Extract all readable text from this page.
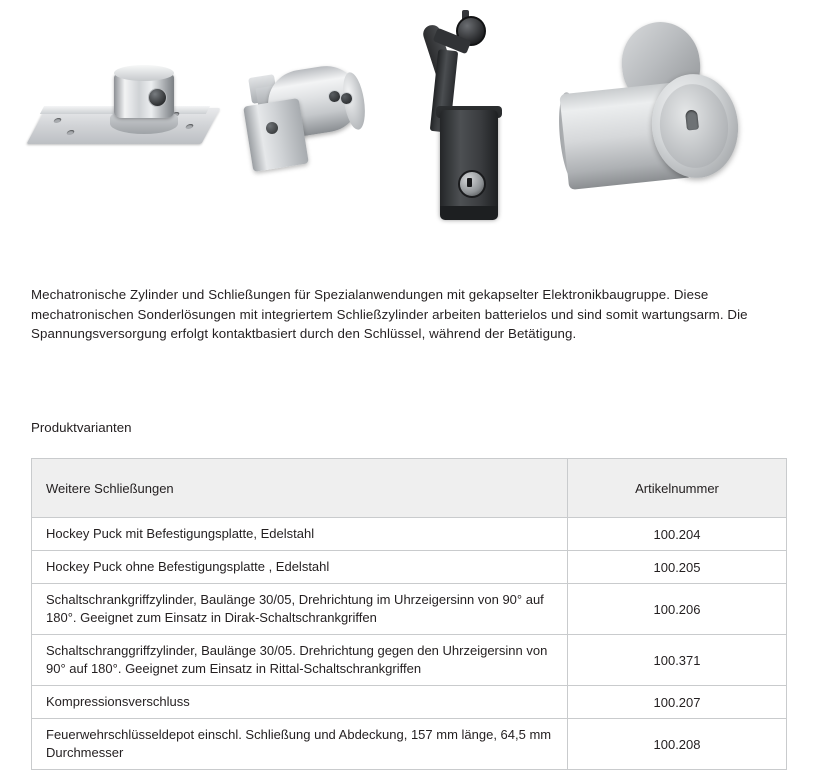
Mechatronische Zylinder und Schließungen für Spezialanwendungen mit gekapselter Elektronikbaugruppe. Diese mechatronischen Sonderlösungen mit integriertem Schließzylinder arbeiten batterielos und sind somit wartungsarm. Die Spannungsversorgung erfolgt kontaktbasiert durch den Schlüssel, während der Betätigung.

Produktvarianten
Weitere Schließungen	Artikelnummer
Hockey Puck mit Befestigungsplatte, Edelstahl	100.204
Hockey Puck ohne Befestigungsplatte , Edelstahl	100.205
Schaltschrankgriffzylinder, Baulänge 30/05, Drehrichtung im Uhrzeigersinn von 90° auf 180°. Geeignet zum Einsatz in Dirak-Schaltschrankgriffen	100.206
Schaltschranggriffzylinder, Baulänge 30/05. Drehrichtung gegen den Uhrzeigersinn von 90° auf 180°. Geeignet zum Einsatz in Rittal-Schaltschrankgriffen	100.371
Kompressionsverschluss	100.207
Feuerwehrschlüsseldepot einschl. Schließung und Abdeckung, 157 mm länge, 64,5 mm Durchmesser	100.208
